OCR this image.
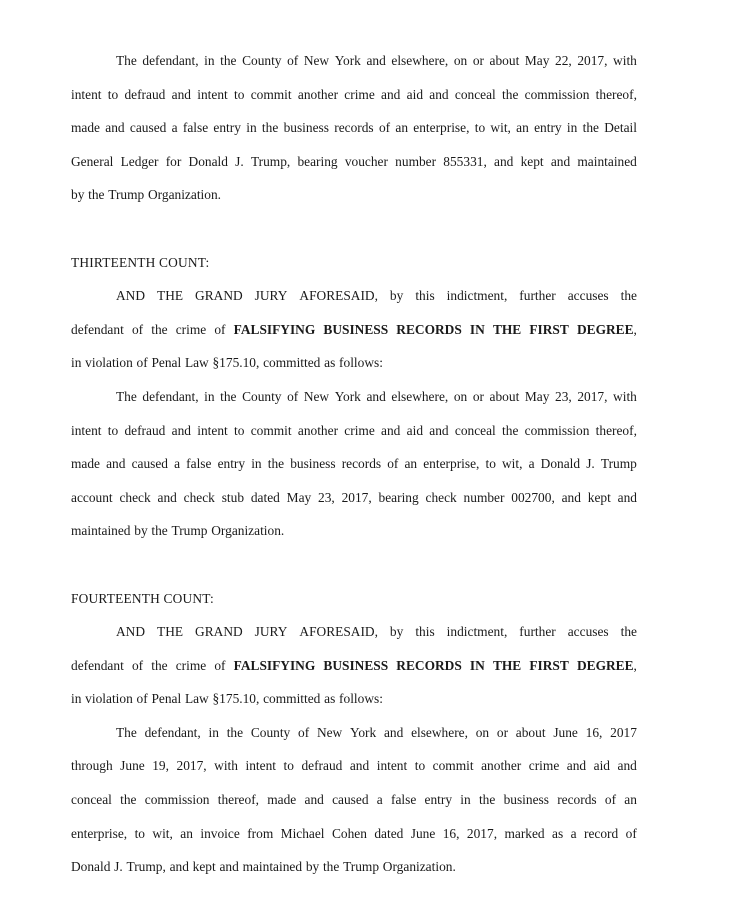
The defendant, in the County of New York and elsewhere, on or about May 22, 2017, with
intent to defraud and intent to commit another crime and aid and conceal the commission thereof,
made and caused a false entry in the business records of an enterprise, to wit, an entry in the Detail
General Ledger for Donald J. Trump, bearing voucher number 855331, and kept and maintained
by the Trump Organization.
THIRTEENTH COUNT:
AND THE GRAND JURY AFORESAID, by this indictment, further accuses the
defendant of the crime of FALSIFYING BUSINESS RECORDS IN THE FIRST DEGREE,
in violation of Penal Law §175.10, committed as follows:
The defendant, in the County of New York and elsewhere, on or about May 23, 2017, with
intent to defraud and intent to commit another crime and aid and conceal the commission thereof,
made and caused a false entry in the business records of an enterprise, to wit, a Donald J. Trump
account check and check stub dated May 23, 2017, bearing check number 002700, and kept and
maintained by the Trump Organization.
FOURTEENTH COUNT:
AND THE GRAND JURY AFORESAID, by this indictment, further accuses the
defendant of the crime of FALSIFYING BUSINESS RECORDS IN THE FIRST DEGREE,
in violation of Penal Law §175.10, committed as follows:
The defendant, in the County of New York and elsewhere, on or about June 16, 2017
through June 19, 2017, with intent to defraud and intent to commit another crime and aid and
conceal the commission thereof, made and caused a false entry in the business records of an
enterprise, to wit, an invoice from Michael Cohen dated June 16, 2017, marked as a record of
Donald J. Trump, and kept and maintained by the Trump Organization.
